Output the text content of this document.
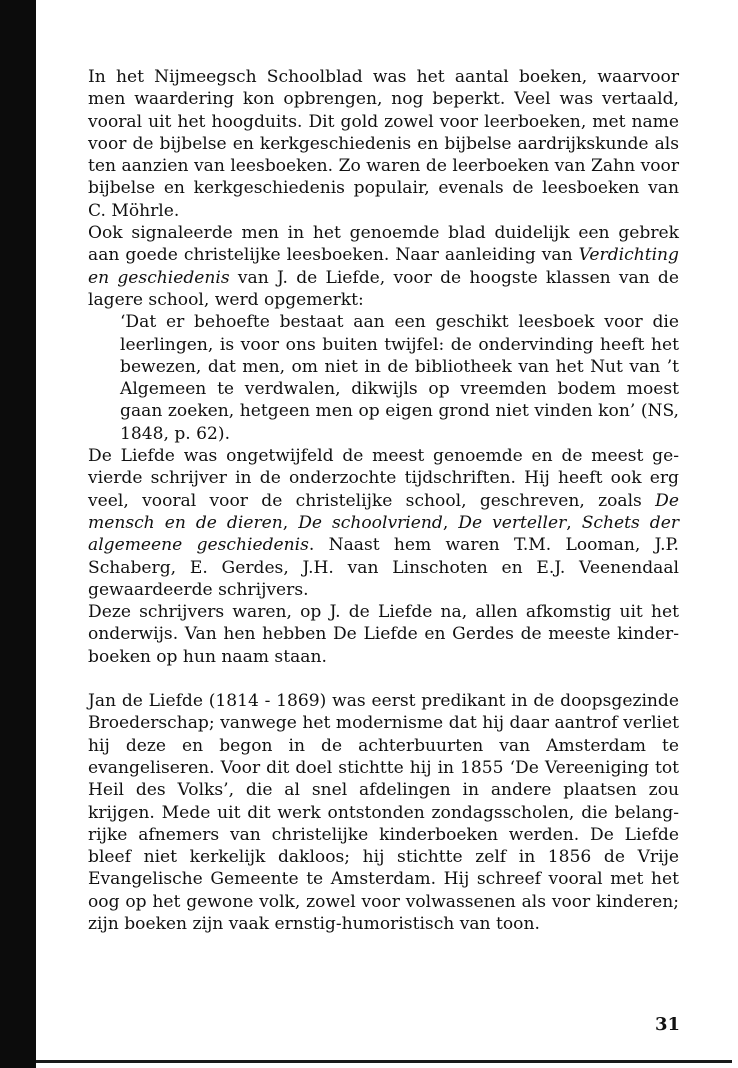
In het Nijmeegsch Schoolblad was het aantal boeken, waarvoor men waardering kon opbrengen, nog beperkt. Veel was vertaald, vooral uit het hoogduits. Dit gold zowel voor leerboeken, met name voor de bijbelse en kerkgeschiedenis en bijbelse aardrijkskunde als ten aanzien van leesboeken. Zo waren de leerboeken van Zahn voor bijbelse en kerkgeschiedenis populair, evenals de leesboeken van C. Möhrle.

Ook signaleerde men in het genoemde blad duidelijk een gebrek aan goede christelijke leesboeken. Naar aanleiding van Verdichting en geschiedenis van J. de Liefde, voor de hoogste klassen van de lagere school, werd opgemerkt:

‘Dat er behoefte bestaat aan een geschikt leesboek voor die leerlingen, is voor ons buiten twijfel: de ondervinding heeft het bewezen, dat men, om niet in de bibliotheek van het Nut van ’t Algemeen te verdwalen, dikwijls op vreemden bodem moest gaan zoeken, hetgeen men op eigen grond niet vinden kon’ (NS, 1848, p. 62).

De Liefde was ongetwijfeld de meest genoemde en de meest gevierde schrijver in de onderzochte tijdschriften. Hij heeft ook erg veel, vooral voor de christelijke school, geschreven, zoals De mensch en de dieren, De schoolvriend, De verteller, Schets der algemeene geschiedenis. Naast hem waren T.M. Looman, J.P. Schaberg, E. Gerdes, J.H. van Linschoten en E.J. Veenendaal gewaardeerde schrijvers.

Deze schrijvers waren, op J. de Liefde na, allen afkomstig uit het onderwijs. Van hen hebben De Liefde en Gerdes de meeste kinderboeken op hun naam staan.

Jan de Liefde (1814 - 1869) was eerst predikant in de doopsgezinde Broederschap; vanwege het modernisme dat hij daar aantrof verliet hij deze en begon in de achterbuurten van Amsterdam te evangeliseren. Voor dit doel stichtte hij in 1855 ‘De Vereeniging tot Heil des Volks’, die al snel afdelingen in andere plaatsen zou krijgen. Mede uit dit werk ontstonden zondagsscholen, die belangrijke afnemers van christelijke kinderboeken werden. De Liefde bleef niet kerkelijk dakloos; hij stichtte zelf in 1856 de Vrije Evangelische Gemeente te Amsterdam. Hij schreef vooral met het oog op het gewone volk, zowel voor volwassenen als voor kinderen; zijn boeken zijn vaak ernstig-humoristisch van toon.

31
